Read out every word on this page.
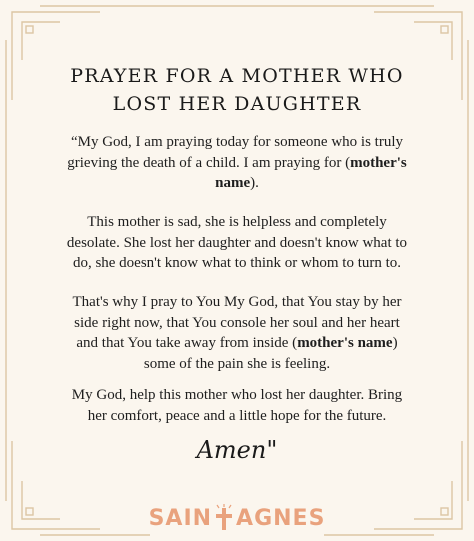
PRAYER FOR A MOTHER WHO
LOST HER DAUGHTER
“My God, I am praying today for someone who is truly
grieving the death of a child. I am praying for (mother's
name).
This mother is sad, she is helpless and completely
desolate. She lost her daughter and doesn't know what to
do, she doesn't know what to think or whom to turn to.
That's why I pray to You My God, that You stay by her
side right now, that You console her soul and her heart
and that You take away from inside (mother's name)
some of the pain she is feeling.
My God, help this mother who lost her daughter. Bring
her comfort, peace and a little hope for the future.
Amen"
SAIN AGNES
